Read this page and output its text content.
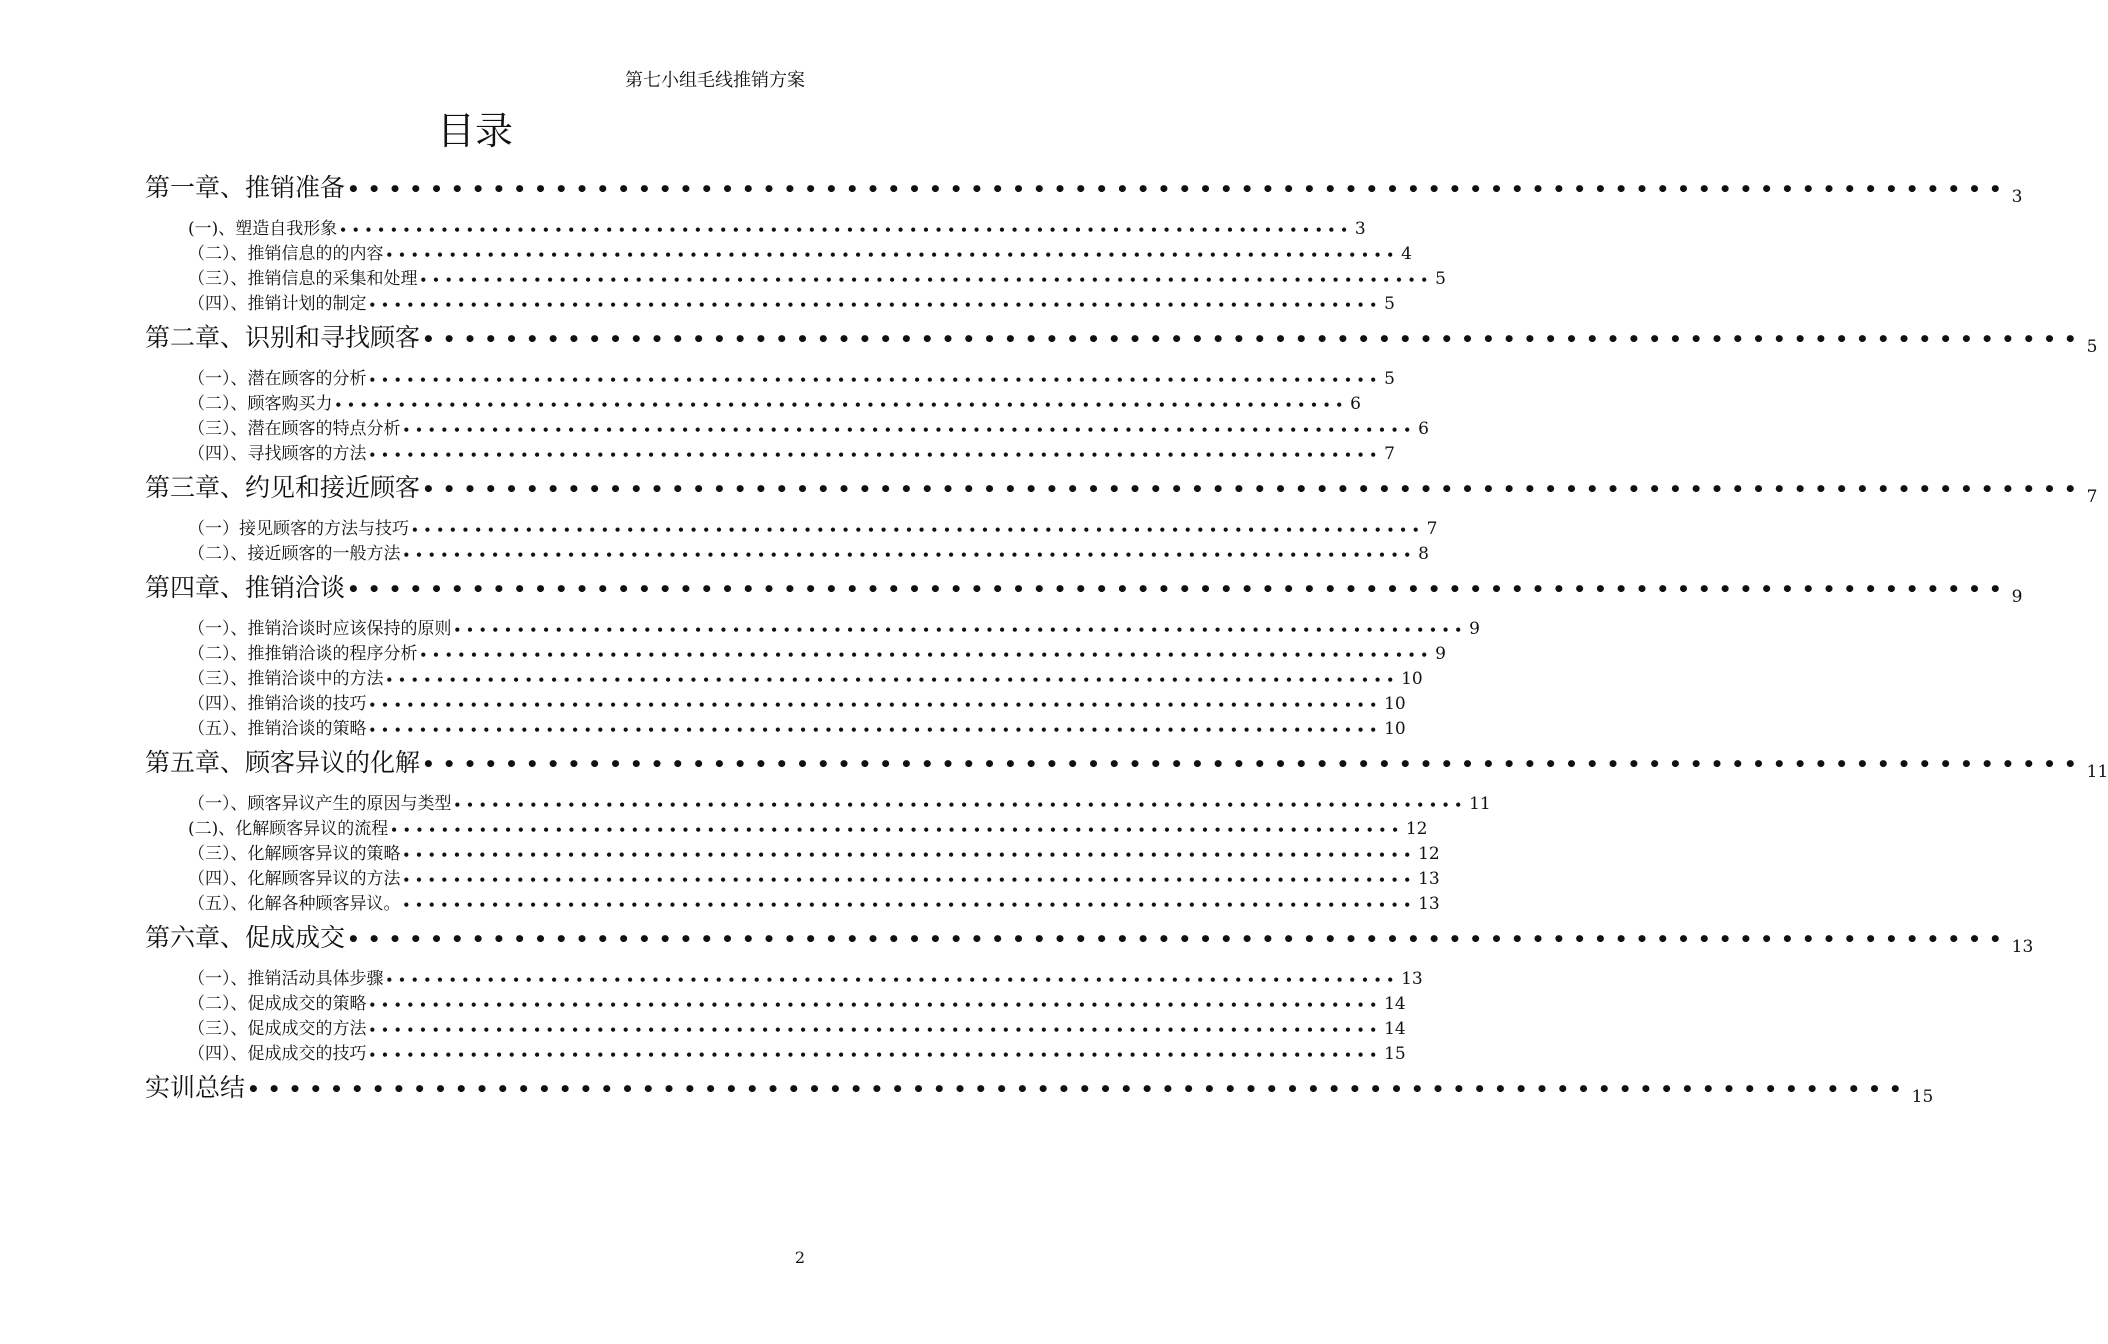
第七小组毛线推销方案
目录
第一章、推销准备 •••••••••••••••••••••••••••••••••••••••••••••••••••••••••••••••••••••••••••••••• 3
(一)、塑造自我形象 •••••••••••••••••••••••••••••••••••••••••••••••••••••••••••••••••••••••••••••••• 3
（二）、推销信息的的内容 •••••••••••••••••••••••••••••••••••••••••••••••••••••••••••••••••••••••••••••••• 4
（三）、推销信息的采集和处理 •••••••••••••••••••••••••••••••••••••••••••••••••••••••••••••••••••••••••••••••• 5
（四）、推销计划的制定 •••••••••••••••••••••••••••••••••••••••••••••••••••••••••••••••••••••••••••••••• 5
第二章、识别和寻找顾客 •••••••••••••••••••••••••••••••••••••••••••••••••••••••••••••••••••••••••••••••• 5
（一）、潜在顾客的分析 •••••••••••••••••••••••••••••••••••••••••••••••••••••••••••••••••••••••••••••••• 5
（二）、顾客购买力 •••••••••••••••••••••••••••••••••••••••••••••••••••••••••••••••••••••••••••••••• 6
（三）、潜在顾客的特点分析 •••••••••••••••••••••••••••••••••••••••••••••••••••••••••••••••••••••••••••••••• 6
（四）、寻找顾客的方法 •••••••••••••••••••••••••••••••••••••••••••••••••••••••••••••••••••••••••••••••• 7
第三章、约见和接近顾客 •••••••••••••••••••••••••••••••••••••••••••••••••••••••••••••••••••••••••••••••• 7
（一）接见顾客的方法与技巧 •••••••••••••••••••••••••••••••••••••••••••••••••••••••••••••••••••••••••••••••• 7
（二）、接近顾客的一般方法 •••••••••••••••••••••••••••••••••••••••••••••••••••••••••••••••••••••••••••••••• 8
第四章、推销洽谈 •••••••••••••••••••••••••••••••••••••••••••••••••••••••••••••••••••••••••••••••• 9
（一）、推销洽谈时应该保持的原则 •••••••••••••••••••••••••••••••••••••••••••••••••••••••••••••••••••••••••••••••• 9
（二）、推推销洽谈的程序分析 •••••••••••••••••••••••••••••••••••••••••••••••••••••••••••••••••••••••••••••••• 9
（三）、推销洽谈中的方法 •••••••••••••••••••••••••••••••••••••••••••••••••••••••••••••••••••••••••••••••• 10
（四）、推销洽谈的技巧 •••••••••••••••••••••••••••••••••••••••••••••••••••••••••••••••••••••••••••••••• 10
（五）、推销洽谈的策略 •••••••••••••••••••••••••••••••••••••••••••••••••••••••••••••••••••••••••••••••• 10
第五章、顾客异议的化解 •••••••••••••••••••••••••••••••••••••••••••••••••••••••••••••••••••••••••••••••• 11
（一）、顾客异议产生的原因与类型 •••••••••••••••••••••••••••••••••••••••••••••••••••••••••••••••••••••••••••••••• 11
(二)、化解顾客异议的流程 •••••••••••••••••••••••••••••••••••••••••••••••••••••••••••••••••••••••••••••••• 12
（三）、化解顾客异议的策略 •••••••••••••••••••••••••••••••••••••••••••••••••••••••••••••••••••••••••••••••• 12
（四）、化解顾客异议的方法 •••••••••••••••••••••••••••••••••••••••••••••••••••••••••••••••••••••••••••••••• 13
（五）、化解各种顾客异议。 •••••••••••••••••••••••••••••••••••••••••••••••••••••••••••••••••••••••••••••••• 13
第六章、促成成交 •••••••••••••••••••••••••••••••••••••••••••••••••••••••••••••••••••••••••••••••• 13
（一）、推销活动具体步骤 •••••••••••••••••••••••••••••••••••••••••••••••••••••••••••••••••••••••••••••••• 13
（二）、促成成交的策略 •••••••••••••••••••••••••••••••••••••••••••••••••••••••••••••••••••••••••••••••• 14
（三）、促成成交的方法 •••••••••••••••••••••••••••••••••••••••••••••••••••••••••••••••••••••••••••••••• 14
（四）、促成成交的技巧 •••••••••••••••••••••••••••••••••••••••••••••••••••••••••••••••••••••••••••••••• 15
实训总结 •••••••••••••••••••••••••••••••••••••••••••••••••••••••••••••••••••••••••••••••• 15
2
